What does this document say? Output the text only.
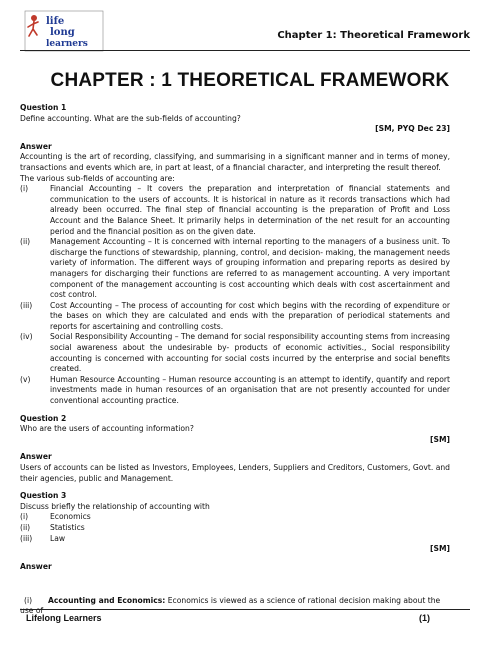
life
long
learners
Chapter 1: Theoretical Framework
CHAPTER : 1 THEORETICAL FRAMEWORK
Question 1
Define accounting. What are the sub-fields of accounting?
[SM, PYQ Dec 23]
Answer
Accounting is the art of recording, classifying, and summarising in a significant manner and in terms of money, transactions and events which are, in part at least, of a financial character, and interpreting the result thereof.
The various sub-fields of accounting are:
(i)	Financial Accounting – It covers the preparation and interpretation of financial statements and communication to the users of accounts. It is historical in nature as it records transactions which had already been occurred. The final step of financial accounting is the preparation of Profit and Loss Account and the Balance Sheet. It primarily helps in determination of the net result for an accounting period and the financial position as on the given date.
(ii)	Management Accounting – It is concerned with internal reporting to the managers of a business unit. To discharge the functions of stewardship, planning, control, and decision- making, the management needs variety of information. The different ways of grouping information and preparing reports as desired by managers for discharging their functions are referred to as management accounting. A very important component of the management accounting is cost accounting which deals with cost ascertainment and cost control.
(iii) Cost Accounting – The process of accounting for cost which begins with the recording of expenditure or the bases on which they are calculated and ends with the preparation of periodical statements and reports for ascertaining and controlling costs.
(iv) Social Responsibility Accounting – The demand for social responsibility accounting stems from increasing social awareness about the undesirable by- products of economic activities., Social responsibility accounting is concerned with accounting for social costs incurred by the enterprise and social benefits created.
(v)	Human Resource Accounting – Human resource accounting is an attempt to identify, quantify and report investments made in human resources of an organisation that are not presently accounted for under conventional accounting practice.
Question 2
Who are the users of accounting information?
[SM]
Answer
Users of accounts can be listed as Investors, Employees, Lenders, Suppliers and Creditors, Customers, Govt. and their agencies, public and Management.
Question 3
Discuss briefly the relationship of accounting with
(i)	Economics
(ii)	Statistics
(iii) Law
[SM]
Answer
(i) Accounting and Economics: Economics is viewed as a science of rational decision making about the use of
Lifelong Learners	(1)
